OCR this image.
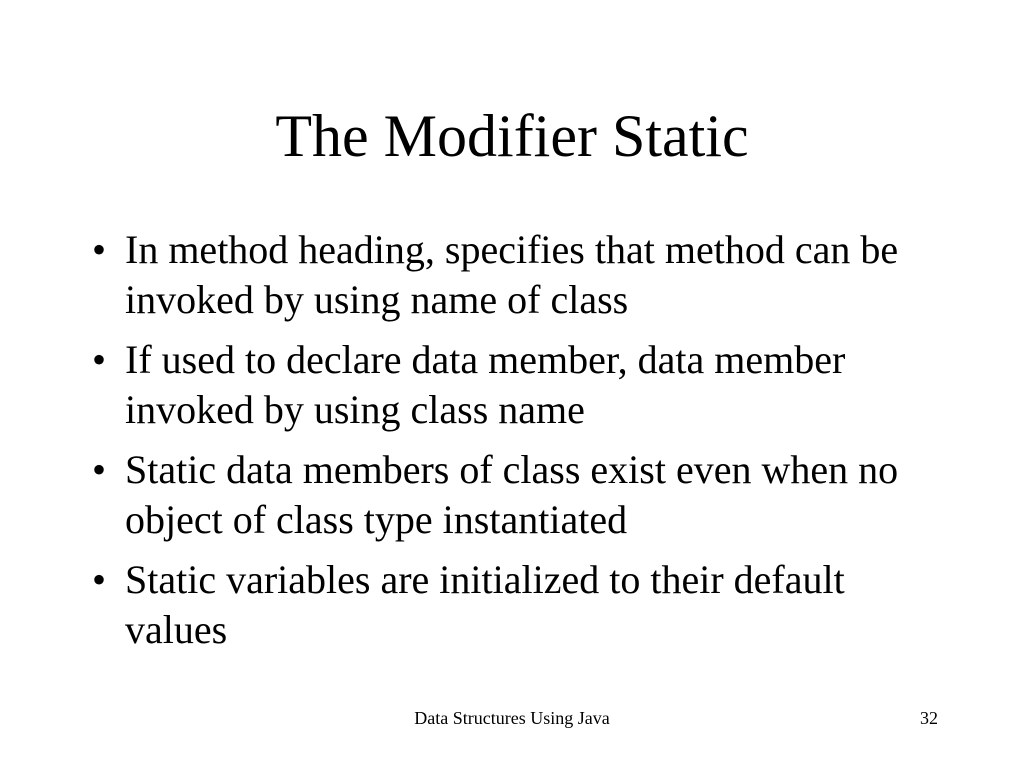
The Modifier Static
• In method heading, specifies that method can be invoked by using name of class
• If used to declare data member, data member invoked by using class name
• Static data members of class exist even when no object of class type instantiated
• Static variables are initialized to their default values
Data Structures Using Java	32
